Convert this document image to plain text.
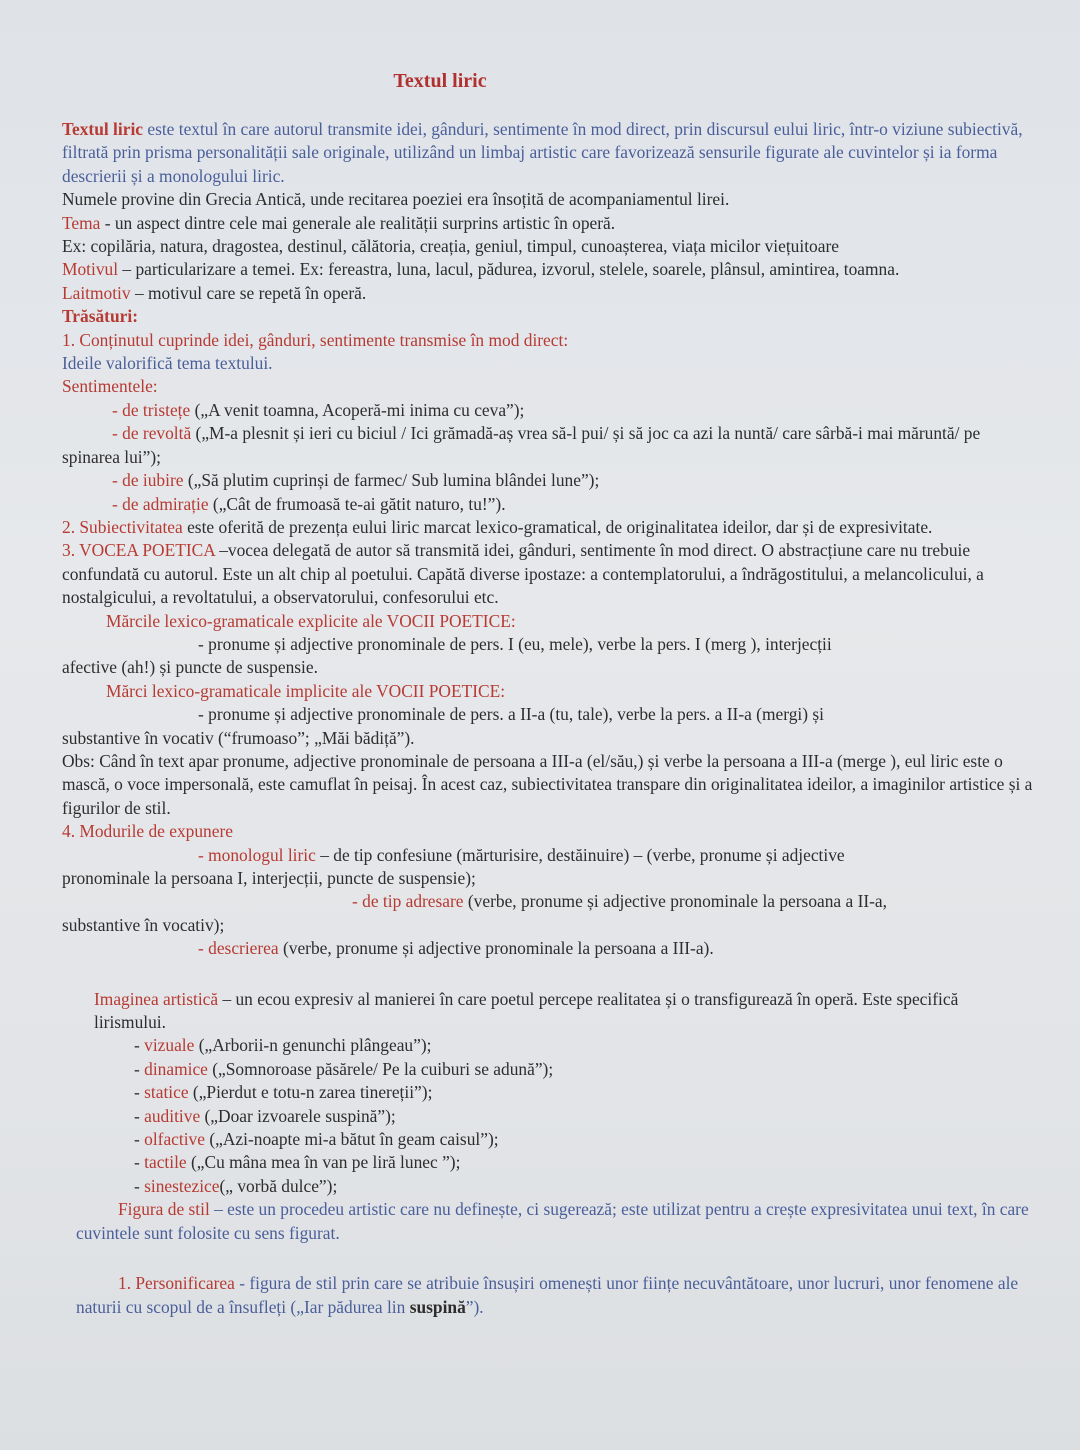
Textul liric

Textul liric este textul în care autorul transmite idei, gânduri, sentimente în mod direct, prin discursul eului liric, într-o viziune subiectivă, filtrată prin prisma personalității sale originale, utilizând un limbaj artistic care favorizează sensurile figurate ale cuvintelor și ia forma descrierii și a monologului liric.

Numele provine din Grecia Antică, unde recitarea poeziei era însoțită de acompaniamentul lirei.

Tema - un aspect dintre cele mai generale ale realității surprins artistic în operă.

Ex: copilăria, natura, dragostea, destinul, călătoria, creația, geniul, timpul, cunoașterea, viața micilor viețuitoare

Motivul – particularizare a temei. Ex: fereastra, luna, lacul, pădurea, izvorul, stelele, soarele, plânsul, amintirea, toamna.

Laitmotiv – motivul care se repetă în operă.

Trăsături:

1. Conținutul cuprinde idei, gânduri, sentimente transmise în mod direct:

Ideile valorifică tema textului.

Sentimentele:

- de tristețe („A venit toamna, Acoperă-mi inima cu ceva”);

- de revoltă („M-a plesnit și ieri cu biciul / Ici grămadă-aș vrea să-l pui/ și să joc ca azi la nuntă/ care sârbă-i mai măruntă/ pe spinarea lui”);

- de iubire („Să plutim cuprinși de farmec/ Sub lumina blândei lune”);

- de admirație („Cât de frumoasă te-ai gătit naturo, tu!”).

2. Subiectivitatea este oferită de prezența eului liric marcat lexico-gramatical, de originalitatea ideilor, dar și de expresivitate.

3. VOCEA POETICA –vocea delegată de autor să transmită idei, gânduri, sentimente în mod direct. O abstracțiune care nu trebuie confundată cu autorul. Este un alt chip al poetului. Capătă diverse ipostaze: a contemplatorului, a îndrăgostitului, a melancolicului, a nostalgicului, a revoltatului, a observatorului, confesorului etc.

Mărcile lexico-gramaticale explicite ale VOCII POETICE:

- pronume și adjective pronominale de pers. I (eu, mele), verbe la pers. I (merg ), interjecții

afective (ah!) și puncte de suspensie.

Mărci lexico-gramaticale implicite ale VOCII POETICE:

- pronume și adjective pronominale de pers. a II-a (tu, tale), verbe la pers. a II-a (mergi) și

substantive în vocativ (“frumoaso”; „Măi bădiță”).

Obs: Când în text apar pronume, adjective pronominale de persoana a III-a (el/său,) și verbe la persoana a III-a (merge ), eul liric este o mască, o voce impersonală, este camuflat în peisaj. În acest caz, subiectivitatea transpare din originalitatea ideilor, a imaginilor artistice și a figurilor de stil.

4. Modurile de expunere

- monologul liric – de tip confesiune (mărturisire, destăinuire) – (verbe, pronume și adjective

pronominale la persoana I, interjecții, puncte de suspensie);

- de tip adresare (verbe, pronume și adjective pronominale la persoana a II-a,

substantive în vocativ);

- descrierea (verbe, pronume și adjective pronominale la persoana a III-a).

Imaginea artistică – un ecou expresiv al manierei în care poetul percepe realitatea și o transfigurează în operă. Este specifică lirismului.

- vizuale („Arborii-n genunchi plângeau”);

- dinamice („Somnoroase păsărele/ Pe la cuiburi se adună”);

- statice („Pierdut e totu-n zarea tinereții”);

- auditive („Doar izvoarele suspină”);

- olfactive („Azi-noapte mi-a bătut în geam caisul”);

- tactile („Cu mâna mea în van pe liră lunec ”);

- sinestezice(„ vorbă dulce”);

Figura de stil – este un procedeu artistic care nu definește, ci sugerează; este utilizat pentru a crește expresivitatea unui text, în care cuvintele sunt folosite cu sens figurat.

1. Personificarea - figura de stil prin care se atribuie însușiri omenești unor ființe necuvântătoare, unor lucruri, unor fenomene ale naturii cu scopul de a însufleți („Iar pădurea lin suspină”).
